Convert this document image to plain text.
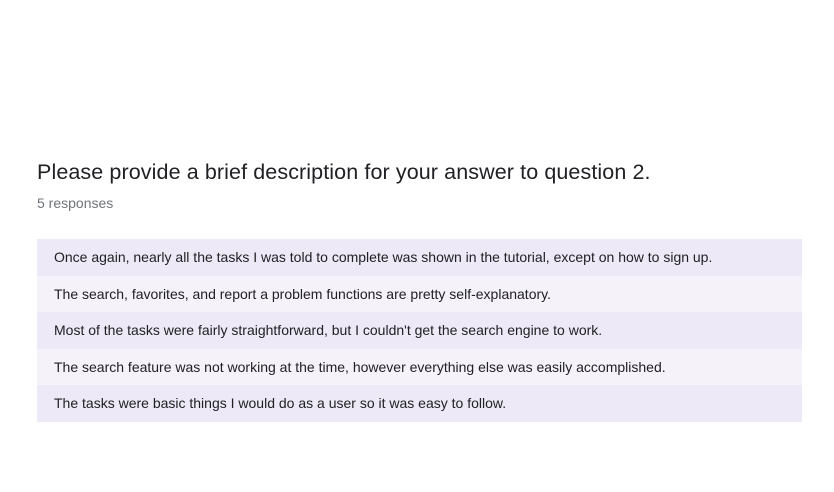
Please provide a brief description for your answer to question 2.
5 responses
Once again, nearly all the tasks I was told to complete was shown in the tutorial, except on how to sign up.
The search, favorites, and report a problem functions are pretty self-explanatory.
Most of the tasks were fairly straightforward, but I couldn't get the search engine to work.
The search feature was not working at the time, however everything else was easily accomplished.
The tasks were basic things I would do as a user so it was easy to follow.
